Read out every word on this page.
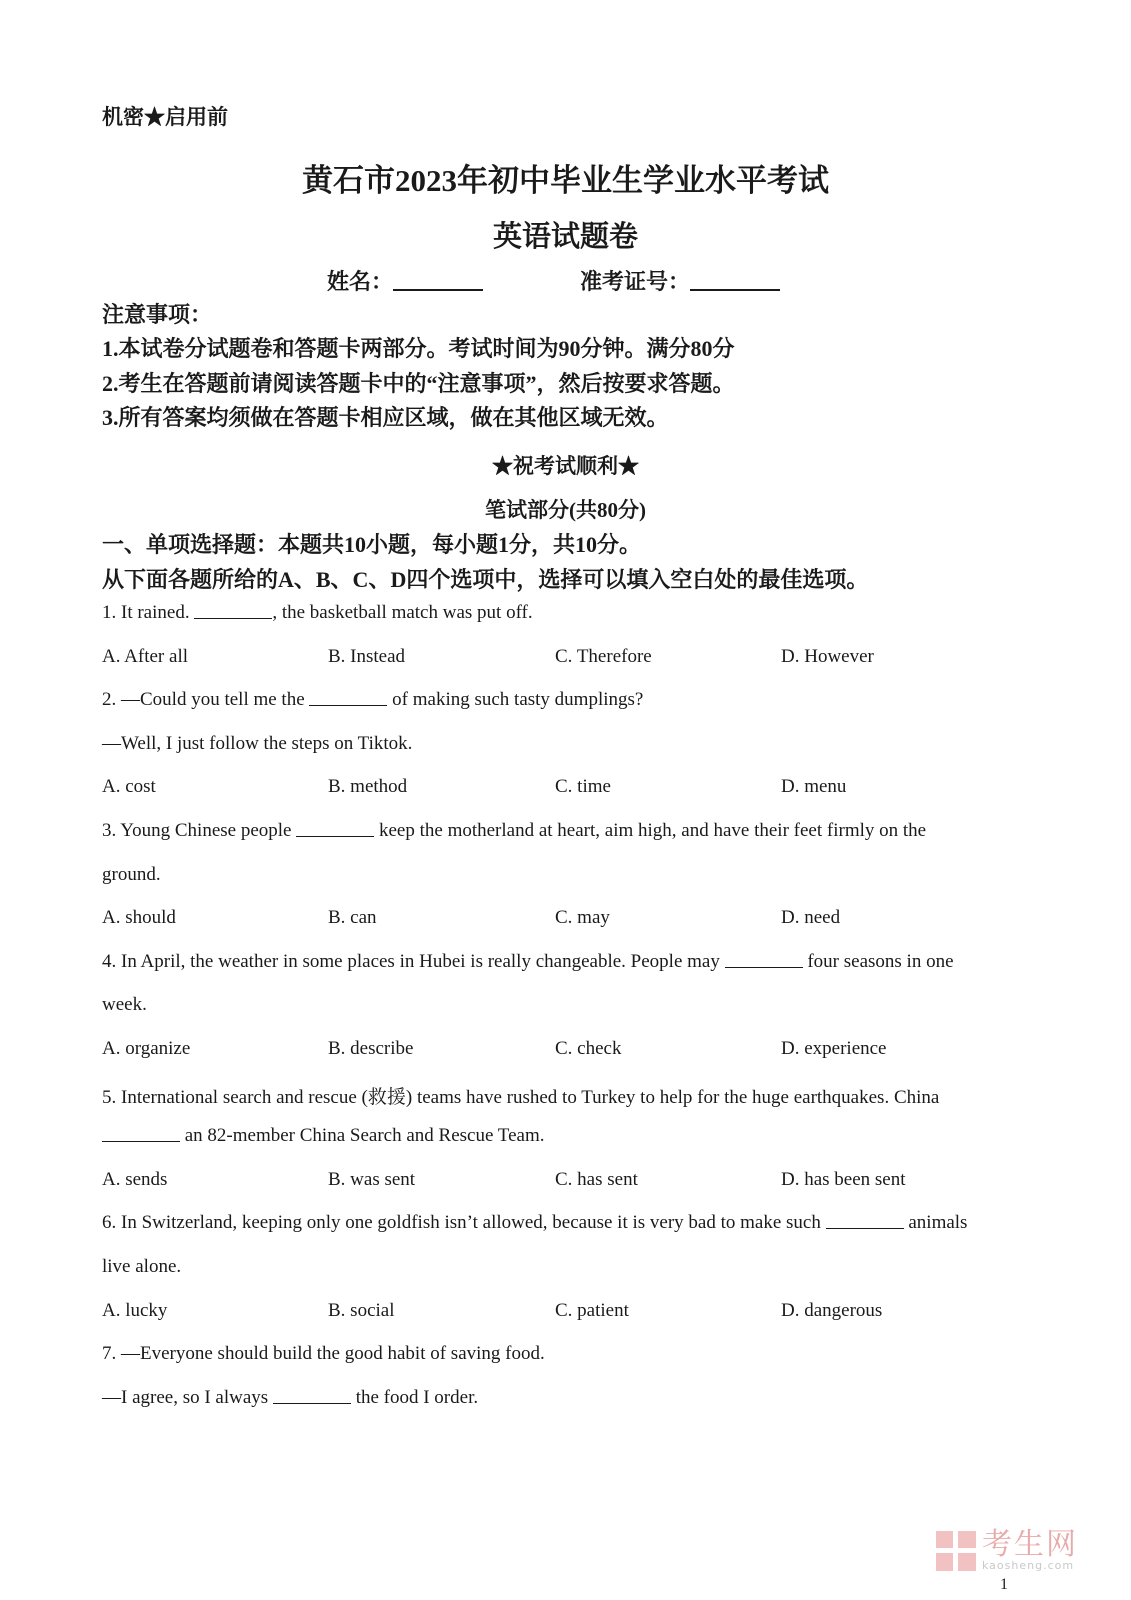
机密★启用前
黄石市2023年初中毕业生学业水平考试
英语试题卷
姓名：	准考证号：
注意事项：
1.本试卷分试题卷和答题卡两部分。考试时间为90分钟。满分80分
2.考生在答题前请阅读答题卡中的“注意事项”，然后按要求答题。
3.所有答案均须做在答题卡相应区域，做在其他区域无效。
★祝考试顺利★
笔试部分(共80分)
一、单项选择题：本题共10小题，每小题1分，共10分。
从下面各题所给的A、B、C、D四个选项中，选择可以填入空白处的最佳选项。
1. It rained.	, the basketball match was put off.
A. After all	B. Instead	C. Therefore	D. However
2. —Could you tell me the	of making such tasty dumplings?
—Well, I just follow the steps on Tiktok.
A. cost	B. method	C. time	D. menu
3. Young Chinese people	keep the motherland at heart, aim high, and have their feet firmly on the
ground.
A. should	B. can	C. may	D. need
4. In April, the weather in some places in Hubei is really changeable. People may	four seasons in one
week.
A. organize	B. describe	C. check	D. experience
5. International search and rescue (救援) teams have rushed to Turkey to help for the huge earthquakes. China
an 82-member China Search and Rescue Team.
A. sends	B. was sent	C. has sent	D. has been sent
6. In Switzerland, keeping only one goldfish isn’t allowed, because it is very bad to make such	animals
live alone.
A. lucky	B. social	C. patient	D. dangerous
7. —Everyone should build the good habit of saving food.
—I agree, so I always	the food I order.
考生网
kaosheng.com
1
